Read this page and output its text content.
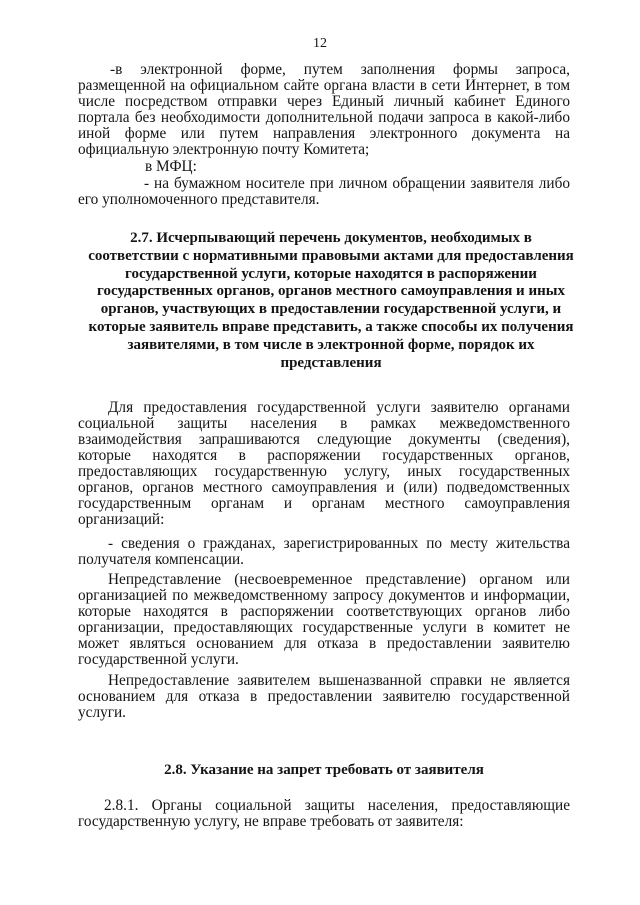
12

-в электронной форме, путем заполнения формы запроса, размещенной на официальном сайте органа власти в сети Интернет, в том числе посредством отправки через Единый личный кабинет Единого портала без необходимости дополнительной подачи запроса в какой-либо иной форме или путем направления электронного документа на официальную электронную почту Комитета;

в МФЦ:

- на бумажном носителе при личном обращении заявителя либо его уполномоченного представителя.

2.7. Исчерпывающий перечень документов, необходимых в соответствии с нормативными правовыми актами для предоставления государственной услуги, которые находятся в распоряжении государственных органов, органов местного самоуправления и иных органов, участвующих в предоставлении государственной услуги, и которые заявитель вправе представить, а также способы их получения заявителями, в том числе в электронной форме, порядок их представления

Для предоставления государственной услуги заявителю органами социальной защиты населения в рамках межведомственного взаимодействия запрашиваются следующие документы (сведения), которые находятся в распоряжении государственных органов, предоставляющих государственную услугу, иных государственных органов, органов местного самоуправления и (или) подведомственных государственным органам и органам местного самоуправления организаций:

- сведения о гражданах, зарегистрированных по месту жительства получателя компенсации.

Непредставление (несвоевременное представление) органом или организацией по межведомственному запросу документов и информации, которые находятся в распоряжении соответствующих органов либо организации, предоставляющих государственные услуги в комитет не может являться основанием для отказа в предоставлении заявителю государственной услуги.

Непредоставление заявителем вышеназванной справки не является основанием для отказа в предоставлении заявителю государственной услуги.

2.8. Указание на запрет требовать от заявителя

2.8.1. Органы социальной защиты населения, предоставляющие государственную услугу, не вправе требовать от заявителя:
